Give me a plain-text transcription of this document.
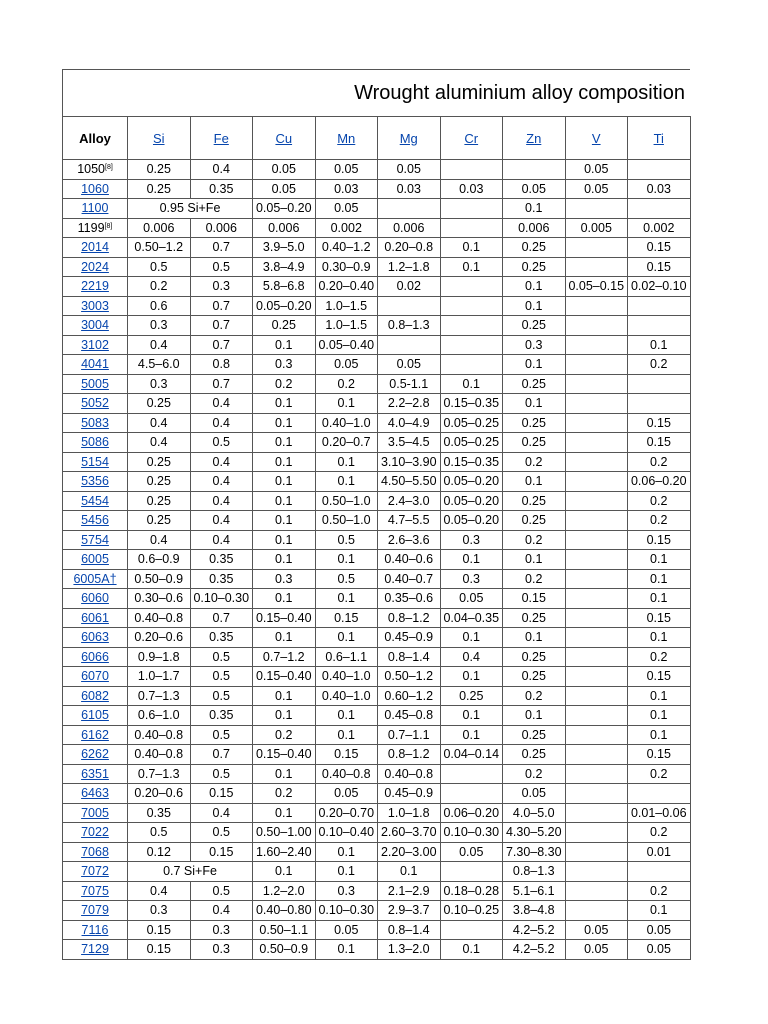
Wrought aluminium alloy composition									
Alloy	Si	Fe	Cu	Mn	Mg	Cr	Zn	V	Ti
1050[8]	0.25	0.4	0.05	0.05	0.05			0.05	
1060	0.25	0.35	0.05	0.03	0.03	0.03	0.05	0.05	0.03
1100	0.95 Si+Fe		0.05–0.20	0.05			0.1		
1199[8]	0.006	0.006	0.006	0.002	0.006		0.006	0.005	0.002
2014	0.50–1.2	0.7	3.9–5.0	0.40–1.2	0.20–0.8	0.1	0.25		0.15
2024	0.5	0.5	3.8–4.9	0.30–0.9	1.2–1.8	0.1	0.25		0.15
2219	0.2	0.3	5.8–6.8	0.20–0.40	0.02		0.1	0.05–0.15	0.02–0.10
3003	0.6	0.7	0.05–0.20	1.0–1.5			0.1		
3004	0.3	0.7	0.25	1.0–1.5	0.8–1.3		0.25		
3102	0.4	0.7	0.1	0.05–0.40			0.3		0.1
4041	4.5–6.0	0.8	0.3	0.05	0.05		0.1		0.2
5005	0.3	0.7	0.2	0.2	0.5-1.1	0.1	0.25		
5052	0.25	0.4	0.1	0.1	2.2–2.8	0.15–0.35	0.1		
5083	0.4	0.4	0.1	0.40–1.0	4.0–4.9	0.05–0.25	0.25		0.15
5086	0.4	0.5	0.1	0.20–0.7	3.5–4.5	0.05–0.25	0.25		0.15
5154	0.25	0.4	0.1	0.1	3.10–3.90	0.15–0.35	0.2		0.2
5356	0.25	0.4	0.1	0.1	4.50–5.50	0.05–0.20	0.1		0.06–0.20
5454	0.25	0.4	0.1	0.50–1.0	2.4–3.0	0.05–0.20	0.25		0.2
5456	0.25	0.4	0.1	0.50–1.0	4.7–5.5	0.05–0.20	0.25		0.2
5754	0.4	0.4	0.1	0.5	2.6–3.6	0.3	0.2		0.15
6005	0.6–0.9	0.35	0.1	0.1	0.40–0.6	0.1	0.1		0.1
6005A†	0.50–0.9	0.35	0.3	0.5	0.40–0.7	0.3	0.2		0.1
6060	0.30–0.6	0.10–0.30	0.1	0.1	0.35–0.6	0.05	0.15		0.1
6061	0.40–0.8	0.7	0.15–0.40	0.15	0.8–1.2	0.04–0.35	0.25		0.15
6063	0.20–0.6	0.35	0.1	0.1	0.45–0.9	0.1	0.1		0.1
6066	0.9–1.8	0.5	0.7–1.2	0.6–1.1	0.8–1.4	0.4	0.25		0.2
6070	1.0–1.7	0.5	0.15–0.40	0.40–1.0	0.50–1.2	0.1	0.25		0.15
6082	0.7–1.3	0.5	0.1	0.40–1.0	0.60–1.2	0.25	0.2		0.1
6105	0.6–1.0	0.35	0.1	0.1	0.45–0.8	0.1	0.1		0.1
6162	0.40–0.8	0.5	0.2	0.1	0.7–1.1	0.1	0.25		0.1
6262	0.40–0.8	0.7	0.15–0.40	0.15	0.8–1.2	0.04–0.14	0.25		0.15
6351	0.7–1.3	0.5	0.1	0.40–0.8	0.40–0.8		0.2		0.2
6463	0.20–0.6	0.15	0.2	0.05	0.45–0.9		0.05		
7005	0.35	0.4	0.1	0.20–0.70	1.0–1.8	0.06–0.20	4.0–5.0		0.01–0.06
7022	0.5	0.5	0.50–1.00	0.10–0.40	2.60–3.70	0.10–0.30	4.30–5.20		0.2
7068	0.12	0.15	1.60–2.40	0.1	2.20–3.00	0.05	7.30–8.30		0.01
7072	0.7 Si+Fe		0.1	0.1	0.1		0.8–1.3		
7075	0.4	0.5	1.2–2.0	0.3	2.1–2.9	0.18–0.28	5.1–6.1		0.2
7079	0.3	0.4	0.40–0.80	0.10–0.30	2.9–3.7	0.10–0.25	3.8–4.8		0.1
7116	0.15	0.3	0.50–1.1	0.05	0.8–1.4		4.2–5.2	0.05	0.05
7129	0.15	0.3	0.50–0.9	0.1	1.3–2.0	0.1	4.2–5.2	0.05	0.05
